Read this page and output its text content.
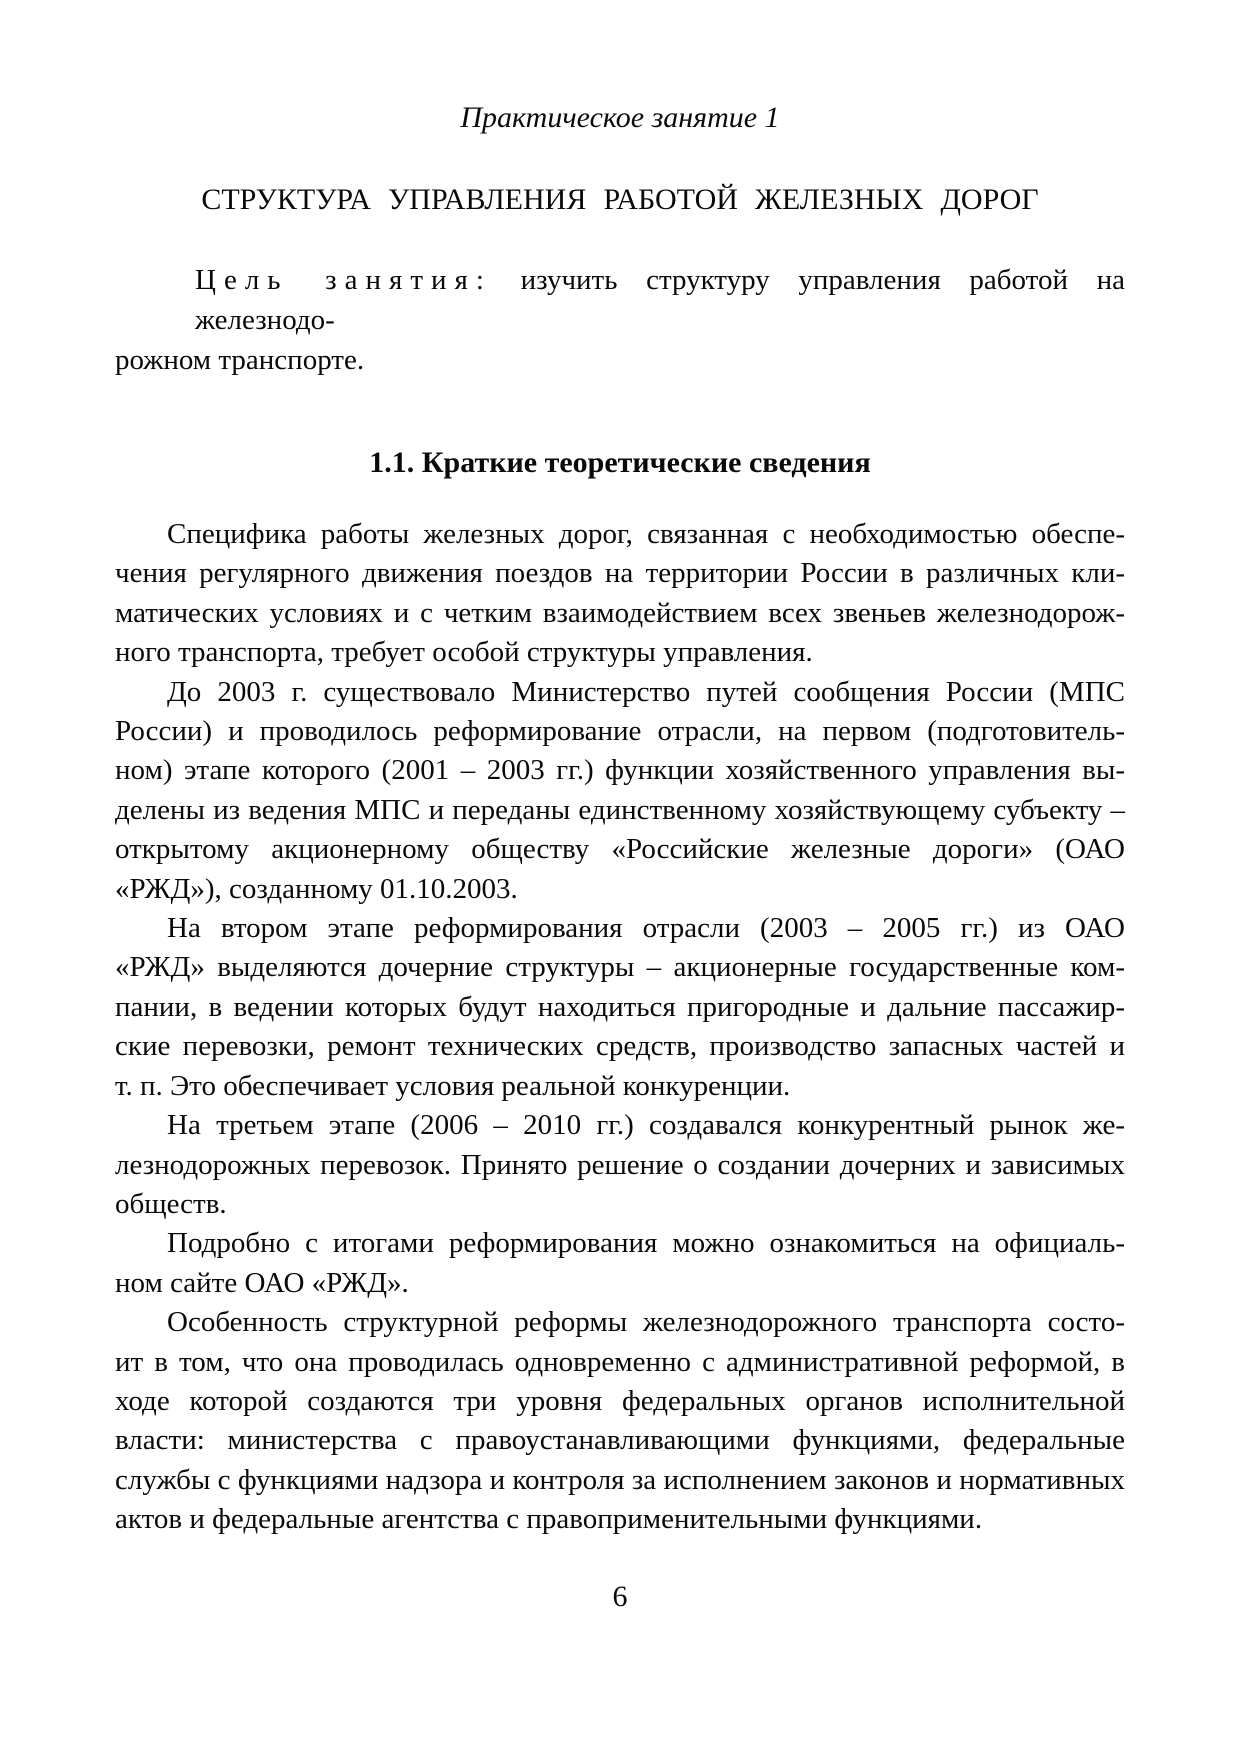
Практическое занятие 1
СТРУКТУРА УПРАВЛЕНИЯ РАБОТОЙ ЖЕЛЕЗНЫХ ДОРОГ
Цель занятия: изучить структуру управления работой на железнодо-
рожном транспорте.
1.1. Краткие теоретические сведения
Специфика работы железных дорог, связанная с необходимостью обеспе-
чения регулярного движения поездов на территории России в различных кли-
матических условиях и с четким взаимодействием всех звеньев железнодорож-
ного транспорта, требует особой структуры управления.
До 2003 г. существовало Министерство путей сообщения России (МПС
России) и проводилось реформирование отрасли, на первом (подготовитель-
ном) этапе которого (2001 – 2003 гг.) функции хозяйственного управления вы-
делены из ведения МПС и переданы единственному хозяйствующему субъекту –
открытому акционерному обществу «Российские железные дороги» (ОАО
«РЖД»), созданному 01.10.2003.
На втором этапе реформирования отрасли (2003 – 2005 гг.) из ОАО
«РЖД» выделяются дочерние структуры – акционерные государственные ком-
пании, в ведении которых будут находиться пригородные и дальние пассажир-
ские перевозки, ремонт технических средств, производство запасных частей и
т. п. Это обеспечивает условия реальной конкуренции.
На третьем этапе (2006 – 2010 гг.) создавался конкурентный рынок же-
лезнодорожных перевозок. Принято решение о создании дочерних и зависимых
обществ.
Подробно с итогами реформирования можно ознакомиться на официаль-
ном сайте ОАО «РЖД».
Особенность структурной реформы железнодорожного транспорта состо-
ит в том, что она проводилась одновременно с административной реформой, в
ходе которой создаются три уровня федеральных органов исполнительной
власти: министерства с правоустанавливающими функциями, федеральные
службы с функциями надзора и контроля за исполнением законов и нормативных
актов и федеральные агентства с правоприменительными функциями.
6
